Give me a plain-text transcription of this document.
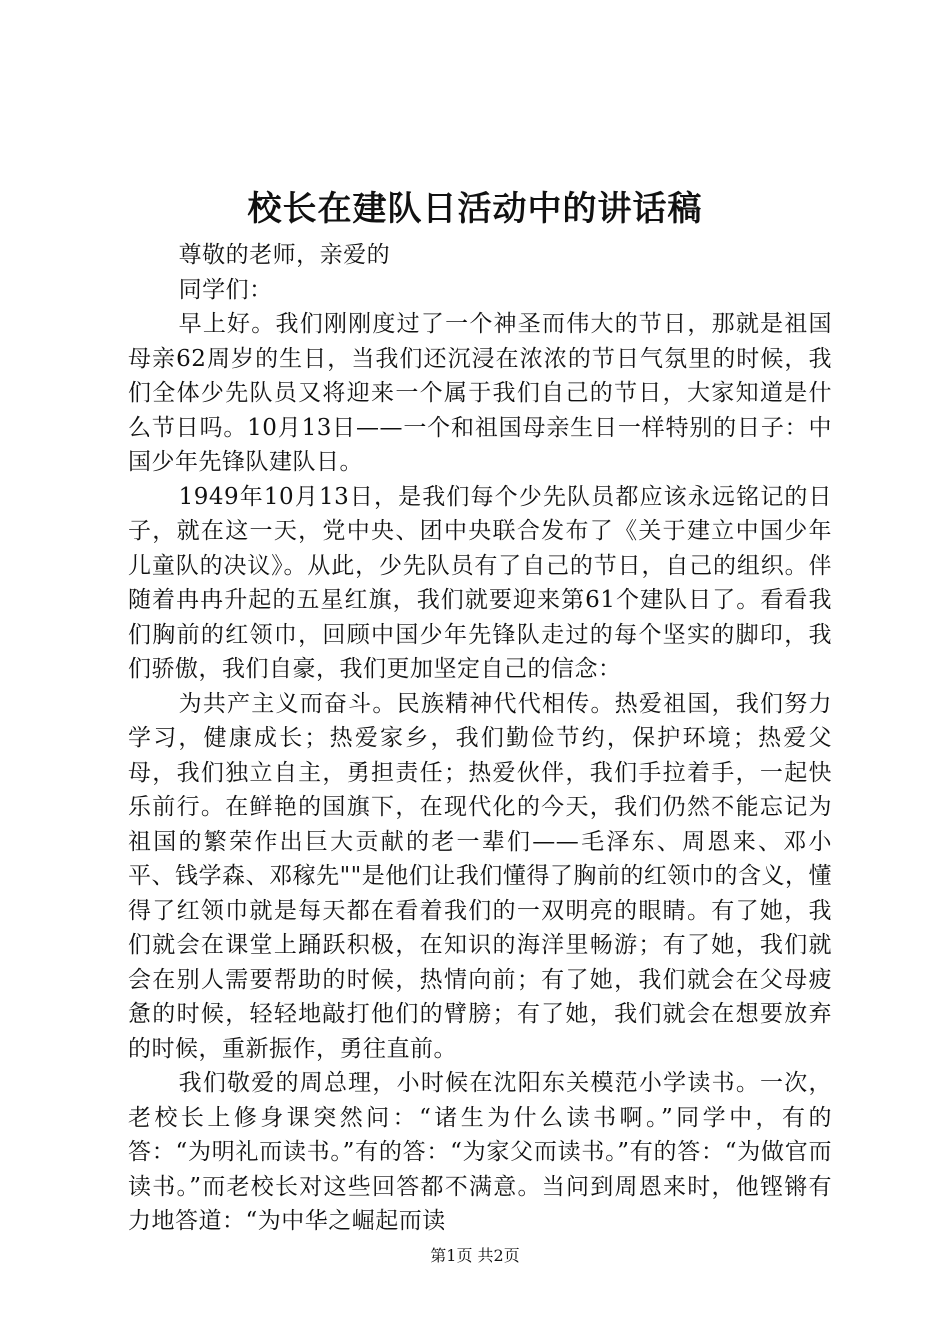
校长在建队日活动中的讲话稿

尊敬的老师，亲爱的

同学们：

早上好。我们刚刚度过了一个神圣而伟大的节日，那就是祖国母亲62周岁的生日，当我们还沉浸在浓浓的节日气氛里的时候，我们全体少先队员又将迎来一个属于我们自己的节日，大家知道是什么节日吗。10月13日——一个和祖国母亲生日一样特别的日子：中国少年先锋队建队日。

1949年10月13日，是我们每个少先队员都应该永远铭记的日子，就在这一天，党中央、团中央联合发布了《关于建立中国少年儿童队的决议》。从此，少先队员有了自己的节日，自己的组织。伴随着冉冉升起的五星红旗，我们就要迎来第61个建队日了。看看我们胸前的红领巾，回顾中国少年先锋队走过的每个坚实的脚印，我们骄傲，我们自豪，我们更加坚定自己的信念：

为共产主义而奋斗。民族精神代代相传。热爱祖国，我们努力学习，健康成长；热爱家乡，我们勤俭节约，保护环境；热爱父母，我们独立自主，勇担责任；热爱伙伴，我们手拉着手，一起快乐前行。在鲜艳的国旗下，在现代化的今天，我们仍然不能忘记为祖国的繁荣作出巨大贡献的老一辈们——毛泽东、周恩来、邓小平、钱学森、邓稼先""是他们让我们懂得了胸前的红领巾的含义，懂得了红领巾就是每天都在看着我们的一双明亮的眼睛。有了她，我们就会在课堂上踊跃积极，在知识的海洋里畅游；有了她，我们就会在别人需要帮助的时候，热情向前；有了她，我们就会在父母疲惫的时候，轻轻地敲打他们的臂膀；有了她，我们就会在想要放弃的时候，重新振作，勇往直前。

我们敬爱的周总理，小时候在沈阳东关模范小学读书。一次，老校长上修身课突然问：“诸生为什么读书啊。”同学中，有的答：“为明礼而读书。”有的答：“为家父而读书。”有的答：“为做官而读书。”而老校长对这些回答都不满意。当问到周恩来时，他铿锵有力地答道：“为中华之崛起而读

第1页 共2页
